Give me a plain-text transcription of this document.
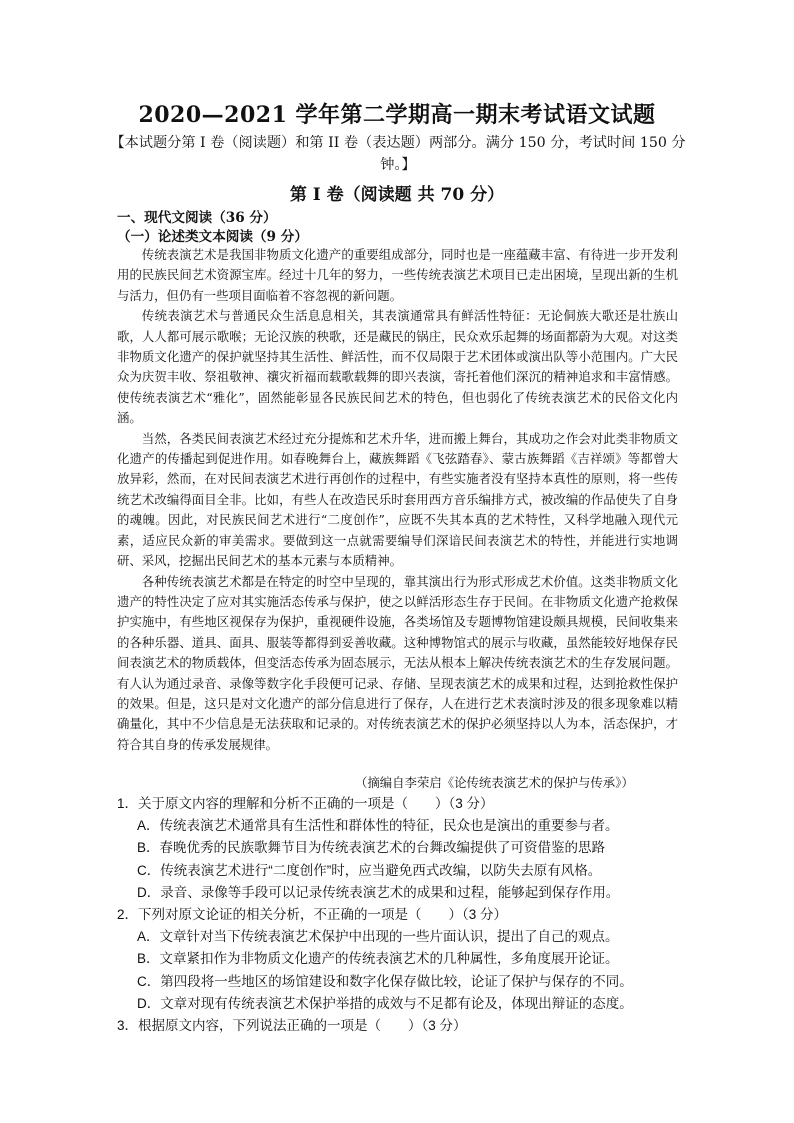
2020—2021 学年第二学期高一期末考试语文试题
【本试题分第 I 卷（阅读题）和第 II 卷（表达题）两部分。满分 150 分，考试时间 150 分钟。】
第 I 卷（阅读题 共 70 分）
一、现代文阅读（36 分）
（一）论述类文本阅读（9 分）

传统表演艺术是我国非物质文化遗产的重要组成部分，同时也是一座蕴藏丰富、有待进一步开发利用的民族民间艺术资源宝库。经过十几年的努力，一些传统表演艺术项目已走出困境，呈现出新的生机与活力，但仍有一些项目面临着不容忽视的新问题。

传统表演艺术与普通民众生活息息相关，其表演通常具有鲜活性特征：无论侗族大歌还是壮族山歌，人人都可展示歌喉；无论汉族的秧歌，还是藏民的锅庄，民众欢乐起舞的场面都蔚为大观。对这类非物质文化遗产的保护就坚持其生活性、鲜活性，而不仅局限于艺术团体或演出队等小范围内。广大民众为庆贺丰收、祭祖敬神、禳灾祈福而载歌载舞的即兴表演，寄托着他们深沉的精神追求和丰富情感。使传统表演艺术“雅化”，固然能彰显各民族民间艺术的特色，但也弱化了传统表演艺术的民俗文化内涵。

当然，各类民间表演艺术经过充分提炼和艺术升华，进而搬上舞台，其成功之作会对此类非物质文化遗产的传播起到促进作用。如春晚舞台上，藏族舞蹈《飞弦踏春》、蒙古族舞蹈《吉祥颂》等都曾大放异彩，然而，在对民间表演艺术进行再创作的过程中，有些实施者没有坚持本真性的原则，将一些传统艺术改编得面目全非。比如，有些人在改造民乐时套用西方音乐编排方式，被改编的作品使失了自身的魂魄。因此，对民族民间艺术进行“二度创作”，应既不失其本真的艺术特性，又科学地融入现代元素，适应民众新的审美需求。要做到这一点就需要编导们深谙民间表演艺术的特性，并能进行实地调研、采风，挖掘出民间艺术的基本元素与本质精神。

各种传统表演艺术都是在特定的时空中呈现的，靠其演出行为形式形成艺术价值。这类非物质文化遗产的特性决定了应对其实施活态传承与保护，使之以鲜活形态生存于民间。在非物质文化遗产抢救保护实施中，有些地区视保存为保护，重视硬件设施，各类场馆及专题博物馆建设颇具规模，民间收集来的各种乐器、道具、面具、服装等都得到妥善收藏。这种博物馆式的展示与收藏，虽然能较好地保存民间表演艺术的物质载体，但变活态传承为固态展示，无法从根本上解决传统表演艺术的生存发展问题。有人认为通过录音、录像等数字化手段便可记录、存储、呈现表演艺术的成果和过程，达到抢救性保护的效果。但是，这只是对文化遗产的部分信息进行了保存，人在进行艺术表演时涉及的很多现象难以精确量化，其中不少信息是无法获取和记录的。对传统表演艺术的保护必须坚持以人为本，活态保护，才符合其自身的传承发展规律。

（摘编自李荣启《论传统表演艺术的保护与传承》）

1．关于原文内容的理解和分析不正确的一项是（　　）（3 分）

A．传统表演艺术通常具有生活性和群体性的特征，民众也是演出的重要参与者。

B．春晚优秀的民族歌舞节目为传统表演艺术的台舞改编提供了可资借鉴的思路

C．传统表演艺术进行“二度创作”时，应当避免西式改编，以防失去原有风格。

D．录音、录像等手段可以记录传统表演艺术的成果和过程，能够起到保存作用。

2．下列对原文论证的相关分析，不正确的一项是（　　）（3 分）

A．文章针对当下传统表演艺术保护中出现的一些片面认识，提出了自己的观点。

B．文章紧扣作为非物质文化遗产的传统表演艺术的几种属性，多角度展开论证。

C．第四段将一些地区的场馆建设和数字化保存做比较，论证了保护与保存的不同。

D．文章对现有传统表演艺术保护举措的成效与不足都有论及，体现出辩证的态度。

3．根据原文内容，下列说法正确的一项是（　　）（3 分）
